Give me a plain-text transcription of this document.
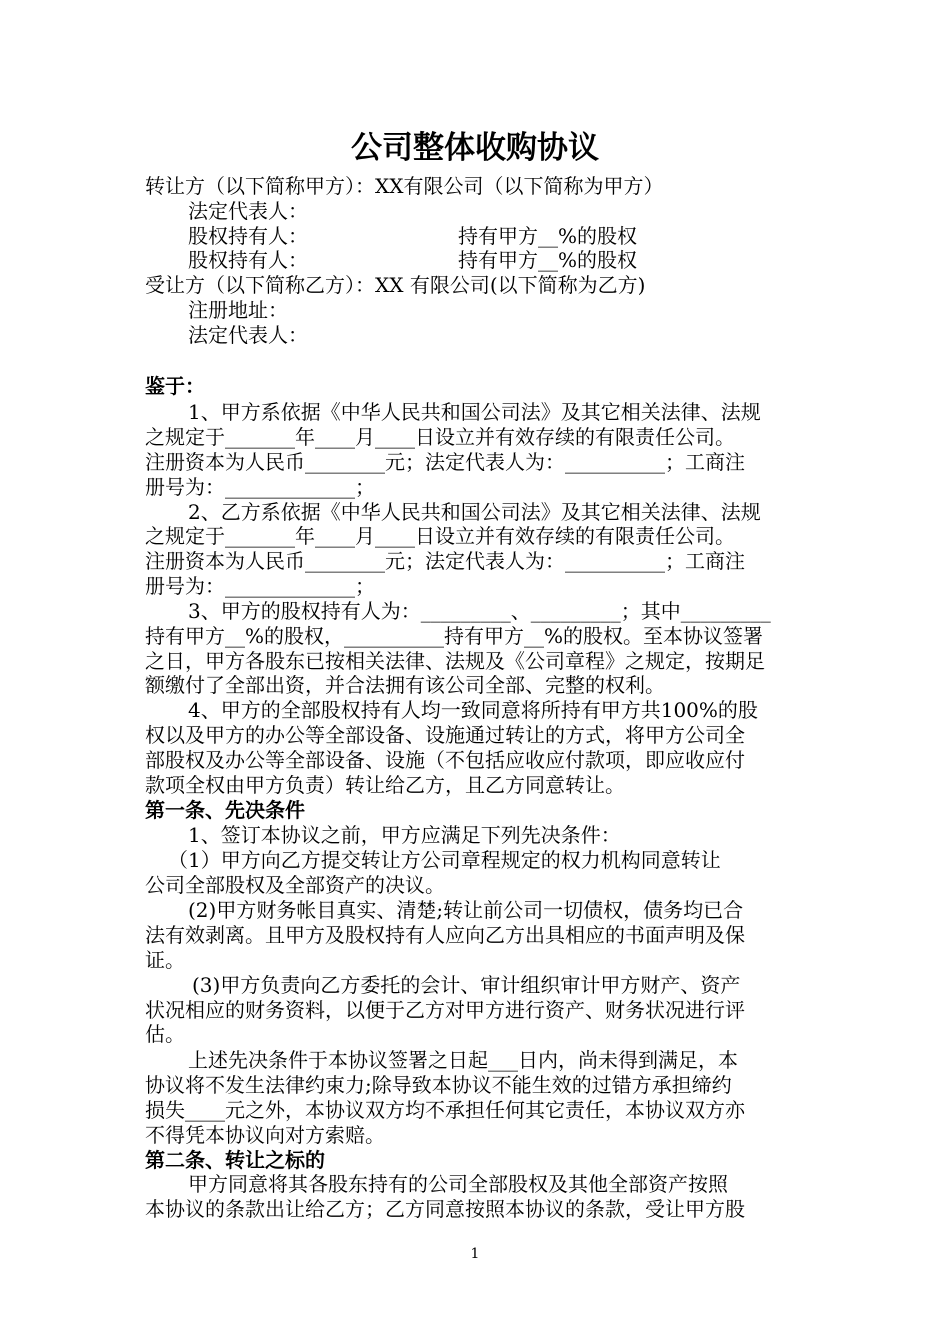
公司整体收购协议
转让方（以下简称甲方）：XX有限公司（以下简称为甲方）
法定代表人：
股权持有人：	持有甲方__%的股权
股权持有人：	持有甲方__%的股权
受让方（以下简称乙方）：XX 有限公司(以下简称为乙方)
注册地址：
法定代表人：
鉴于：
1、甲方系依据《中华人民共和国公司法》及其它相关法律、法规
之规定于_______年____月____日设立并有效存续的有限责任公司。
注册资本为人民币________元；法定代表人为：__________；工商注
册号为：_____________；
2、乙方系依据《中华人民共和国公司法》及其它相关法律、法规
之规定于_______年____月____日设立并有效存续的有限责任公司。
注册资本为人民币________元；法定代表人为：__________；工商注
册号为：_____________；
3、甲方的股权持有人为：_________、_________；其中_________
持有甲方__%的股权，__________持有甲方__%的股权。至本协议签署
之日，甲方各股东已按相关法律、法规及《公司章程》之规定，按期足
额缴付了全部出资，并合法拥有该公司全部、完整的权利。
4、甲方的全部股权持有人均一致同意将所持有甲方共100%的股
权以及甲方的办公等全部设备、设施通过转让的方式，将甲方公司全
部股权及办公等全部设备、设施（不包括应收应付款项，即应收应付
款项全权由甲方负责）转让给乙方，且乙方同意转让。
第一条、先决条件
1、签订本协议之前，甲方应满足下列先决条件：
（1）甲方向乙方提交转让方公司章程规定的权力机构同意转让
公司全部股权及全部资产的决议。
(2)甲方财务帐目真实、清楚;转让前公司一切债权，债务均已合
法有效剥离。且甲方及股权持有人应向乙方出具相应的书面声明及保
证。
(3)甲方负责向乙方委托的会计、审计组织审计甲方财产、资产
状况相应的财务资料，以便于乙方对甲方进行资产、财务状况进行评
估。
上述先决条件于本协议签署之日起___日内，尚未得到满足，本
协议将不发生法律约束力;除导致本协议不能生效的过错方承担缔约
损失____元之外，本协议双方均不承担任何其它责任，本协议双方亦
不得凭本协议向对方索赔。
第二条、转让之标的
甲方同意将其各股东持有的公司全部股权及其他全部资产按照
本协议的条款出让给乙方；乙方同意按照本协议的条款，受让甲方股
1
